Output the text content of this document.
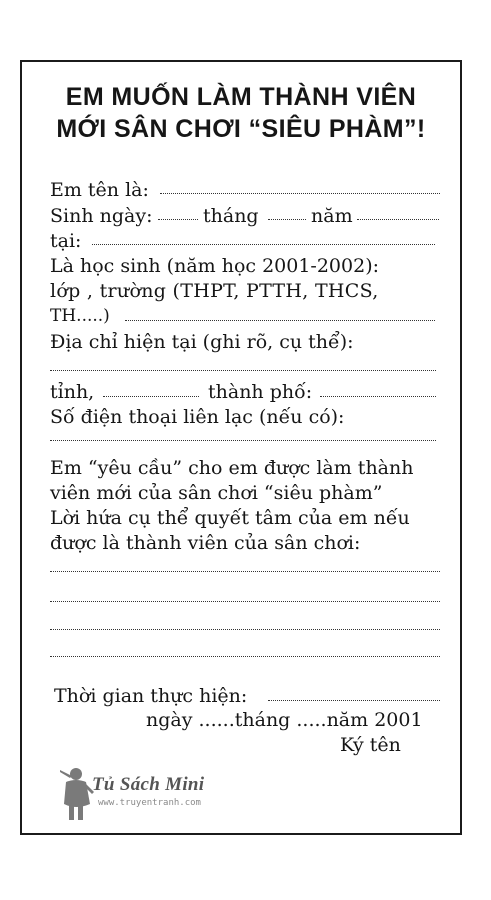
EM MUỐN LÀM THÀNH VIÊN
MỚI SÂN CHƠI “SIÊU PHÀM”!
Em tên là:
Sinh ngày:	tháng	năm
tại:
Là học sinh (năm học 2001-2002):
lớp , trường (THPT, PTTH, THCS,
TH.....)
Địa chỉ hiện tại (ghi rõ, cụ thể):
tỉnh,	thành phố:
Số điện thoại liên lạc (nếu có):
Em “yêu cầu” cho em được làm thành
viên mới của sân chơi “siêu phàm”
Lời hứa cụ thể quyết tâm của em nếu
được là thành viên của sân chơi:
Thời gian thực hiện:
ngày ......tháng .....năm 2001
Ký tên
Tủ Sách Mini
www.truyentranh.com
